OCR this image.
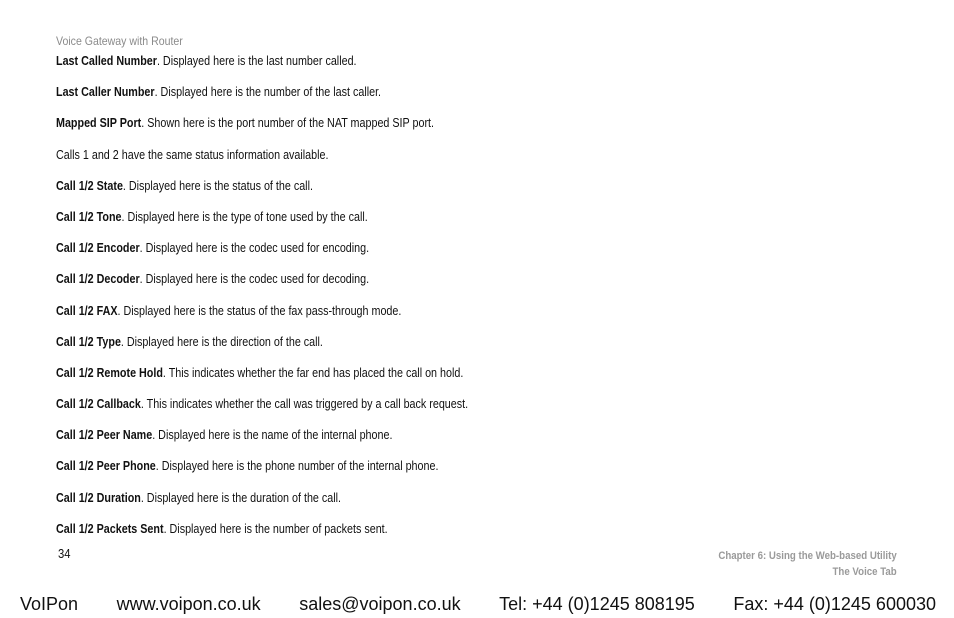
Voice Gateway with Router
Last Called Number. Displayed here is the last number called.
Last Caller Number. Displayed here is the number of the last caller.
Mapped SIP Port. Shown here is the port number of the NAT mapped SIP port.
Calls 1 and 2 have the same status information available.
Call 1/2 State. Displayed here is the status of the call.
Call 1/2 Tone. Displayed here is the type of tone used by the call.
Call 1/2 Encoder. Displayed here is the codec used for encoding.
Call 1/2 Decoder. Displayed here is the codec used for decoding.
Call 1/2 FAX. Displayed here is the status of the fax pass-through mode.
Call 1/2 Type. Displayed here is the direction of the call.
Call 1/2 Remote Hold. This indicates whether the far end has placed the call on hold.
Call 1/2 Callback. This indicates whether the call was triggered by a call back request.
Call 1/2 Peer Name. Displayed here is the name of the internal phone.
Call 1/2 Peer Phone. Displayed here is the phone number of the internal phone.
Call 1/2 Duration. Displayed here is the duration of the call.
Call 1/2 Packets Sent. Displayed here is the number of packets sent.
34	Chapter 6: Using the Web-based Utility
The Voice Tab
VoIPon www.voipon.co.uk sales@voipon.co.uk Tel: +44 (0)1245 808195 Fax: +44 (0)1245 600030
